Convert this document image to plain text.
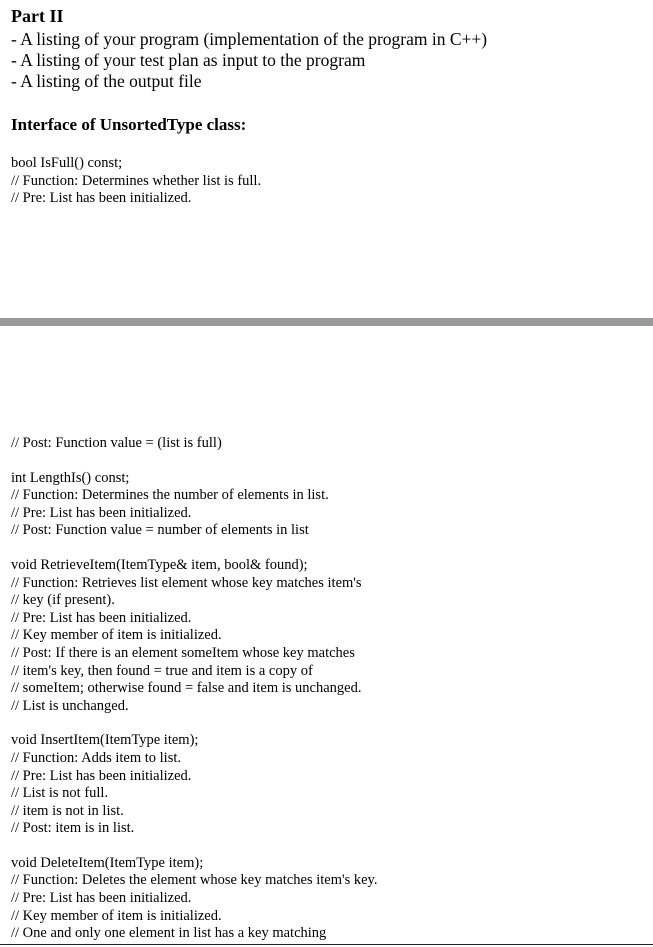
Part II
- A listing of your program (implementation of the program in C++)
- A listing of your test plan as input to the program
- A listing of the output file
Interface of UnsortedType class:
bool IsFull() const;
// Function: Determines whether list is full.
// Pre: List has been initialized.
// Post: Function value = (list is full)
int LengthIs() const;
// Function: Determines the number of elements in list.
// Pre: List has been initialized.
// Post: Function value = number of elements in list
void RetrieveItem(ItemType& item, bool& found);
// Function: Retrieves list element whose key matches item's
// key (if present).
// Pre: List has been initialized.
// Key member of item is initialized.
// Post: If there is an element someItem whose key matches
// item's key, then found = true and item is a copy of
// someItem; otherwise found = false and item is unchanged.
// List is unchanged.
void InsertItem(ItemType item);
// Function: Adds item to list.
// Pre: List has been initialized.
// List is not full.
// item is not in list.
// Post: item is in list.
void DeleteItem(ItemType item);
// Function: Deletes the element whose key matches item's key.
// Pre: List has been initialized.
// Key member of item is initialized.
// One and only one element in list has a key matching
